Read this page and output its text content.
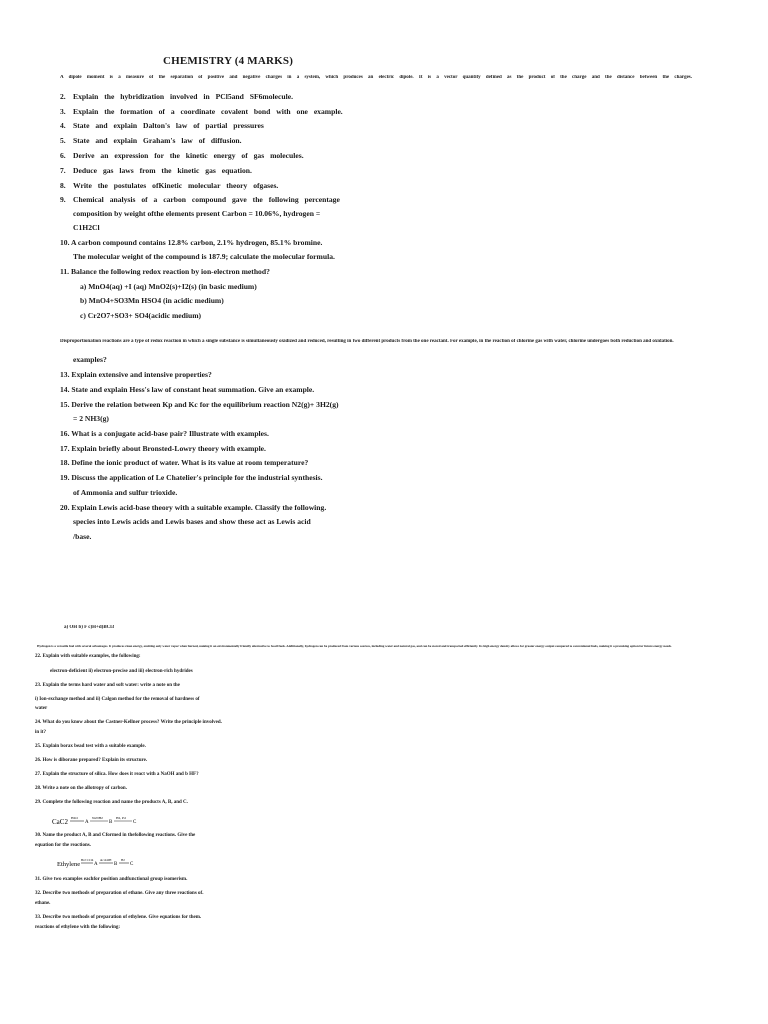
CHEMISTRY (4 MARKS)
A dipole moment is a measure of the separation of positive and negative charges in a system, which produces an electric dipole. It is a vector quantity defined as the product of the charge and the distance between the charges.
2. Explain the hybridization involved in PCl5and SF6molecule.
3. Explain the formation of a coordinate covalent bond with one example.
4. State and explain Dalton's law of partial pressures
5. State and explain Graham's law of diffusion.
6. Derive an expression for the kinetic energy of gas molecules.
7. Deduce gas laws from the kinetic gas equation.
8. Write the postulates ofKinetic molecular theory ofgases.
9. Chemical analysis of a carbon compound gave the following percentage
composition by weight ofthe elements present Carbon = 10.06%, hydrogen =
C1H2Cl
10. A carbon compound contains 12.8% carbon, 2.1% hydrogen, 85.1% bromine.
The molecular weight of the compound is 187.9; calculate the molecular formula.
11. Balance the following redox reaction by ion-electron method?
a) MnO4(aq) +I (aq) MnO2(s)+I2(s) (in basic medium)
b) MnO4+SO3Mn HSO4 (in acidic medium)
c) Cr2O7+SO3+ SO4(acidic medium)
Disproportionation reactions are a type of redox reaction in which a single substance is simultaneously oxidized and reduced, resulting in two different products from the one reactant. For example, in the reaction of chlorine gas with water, chlorine undergoes both reduction and oxidation.
examples?
13. Explain extensive and intensive properties?
14. State and explain Hess's law of constant heat summation. Give an example.
15. Derive the relation between Kp and Kc for the equilibrium reaction N2(g)+ 3H2(g)
= 2 NH3(g)
16. What is a conjugate acid-base pair? Illustrate with examples.
17. Explain briefly about Bronsted-Lowry theory with example.
18. Define the ionic product of water. What is its value at room temperature?
19. Discuss the application of Le Chatelier's principle for the industrial synthesis.
of Ammonia and sulfur trioxide.
20. Explain Lewis acid-base theory with a suitable example. Classify the following.
species into Lewis acids and Lewis bases and show these act as Lewis acid
/base.
a) OH b) F c)H+d)BCl3
Hydrogen is a versatile fuel with several advantages. It produces clean energy, emitting only water vapor when burned, making it an environmentally friendly alternative to fossil fuels. Additionally, hydrogen can be produced from various sources, including water and natural gas, and can be stored and transported efficiently. Its high energy density allows for greater energy output compared to conventional fuels, making it a promising option for future energy needs.
22. Explain with suitable examples, the following:
electron-deficient ii) electron-precise and iii) electron-rich hydrides
23. Explain the terms hard water and soft water: write a note on the
i) Ion-exchange method and ii) Calgon method for the removal of hardness of
water
24. What do you know about the Castner-Kellner process? Write the principle involved.
in it?
25. Explain borax bead test with a suitable example.
26. How is diborane prepared? Explain its structure.
27. Explain the structure of silica. How does it react with a NaOH and b HF?
28. Write a note on the allotropy of carbon.
29. Complete the following reaction and name the products A, B, and C.
CaC2 H2O
A
NaNH2
B
H2, Pd
C
30. Name the product A, B and Cformed in thefollowing reactions. Give the
equation for the reactions.
Ethylene
Br2 CCl4
A
alc.KOH
B
H2
C
31. Give two examples eachfor position andfunctional group isomerism.
32. Describe two methods of preparation of ethane. Give any three reactions of.
ethane.
33. Describe two methods of preparation of ethylene. Give equations for them.
reactions of ethylene with the following:
